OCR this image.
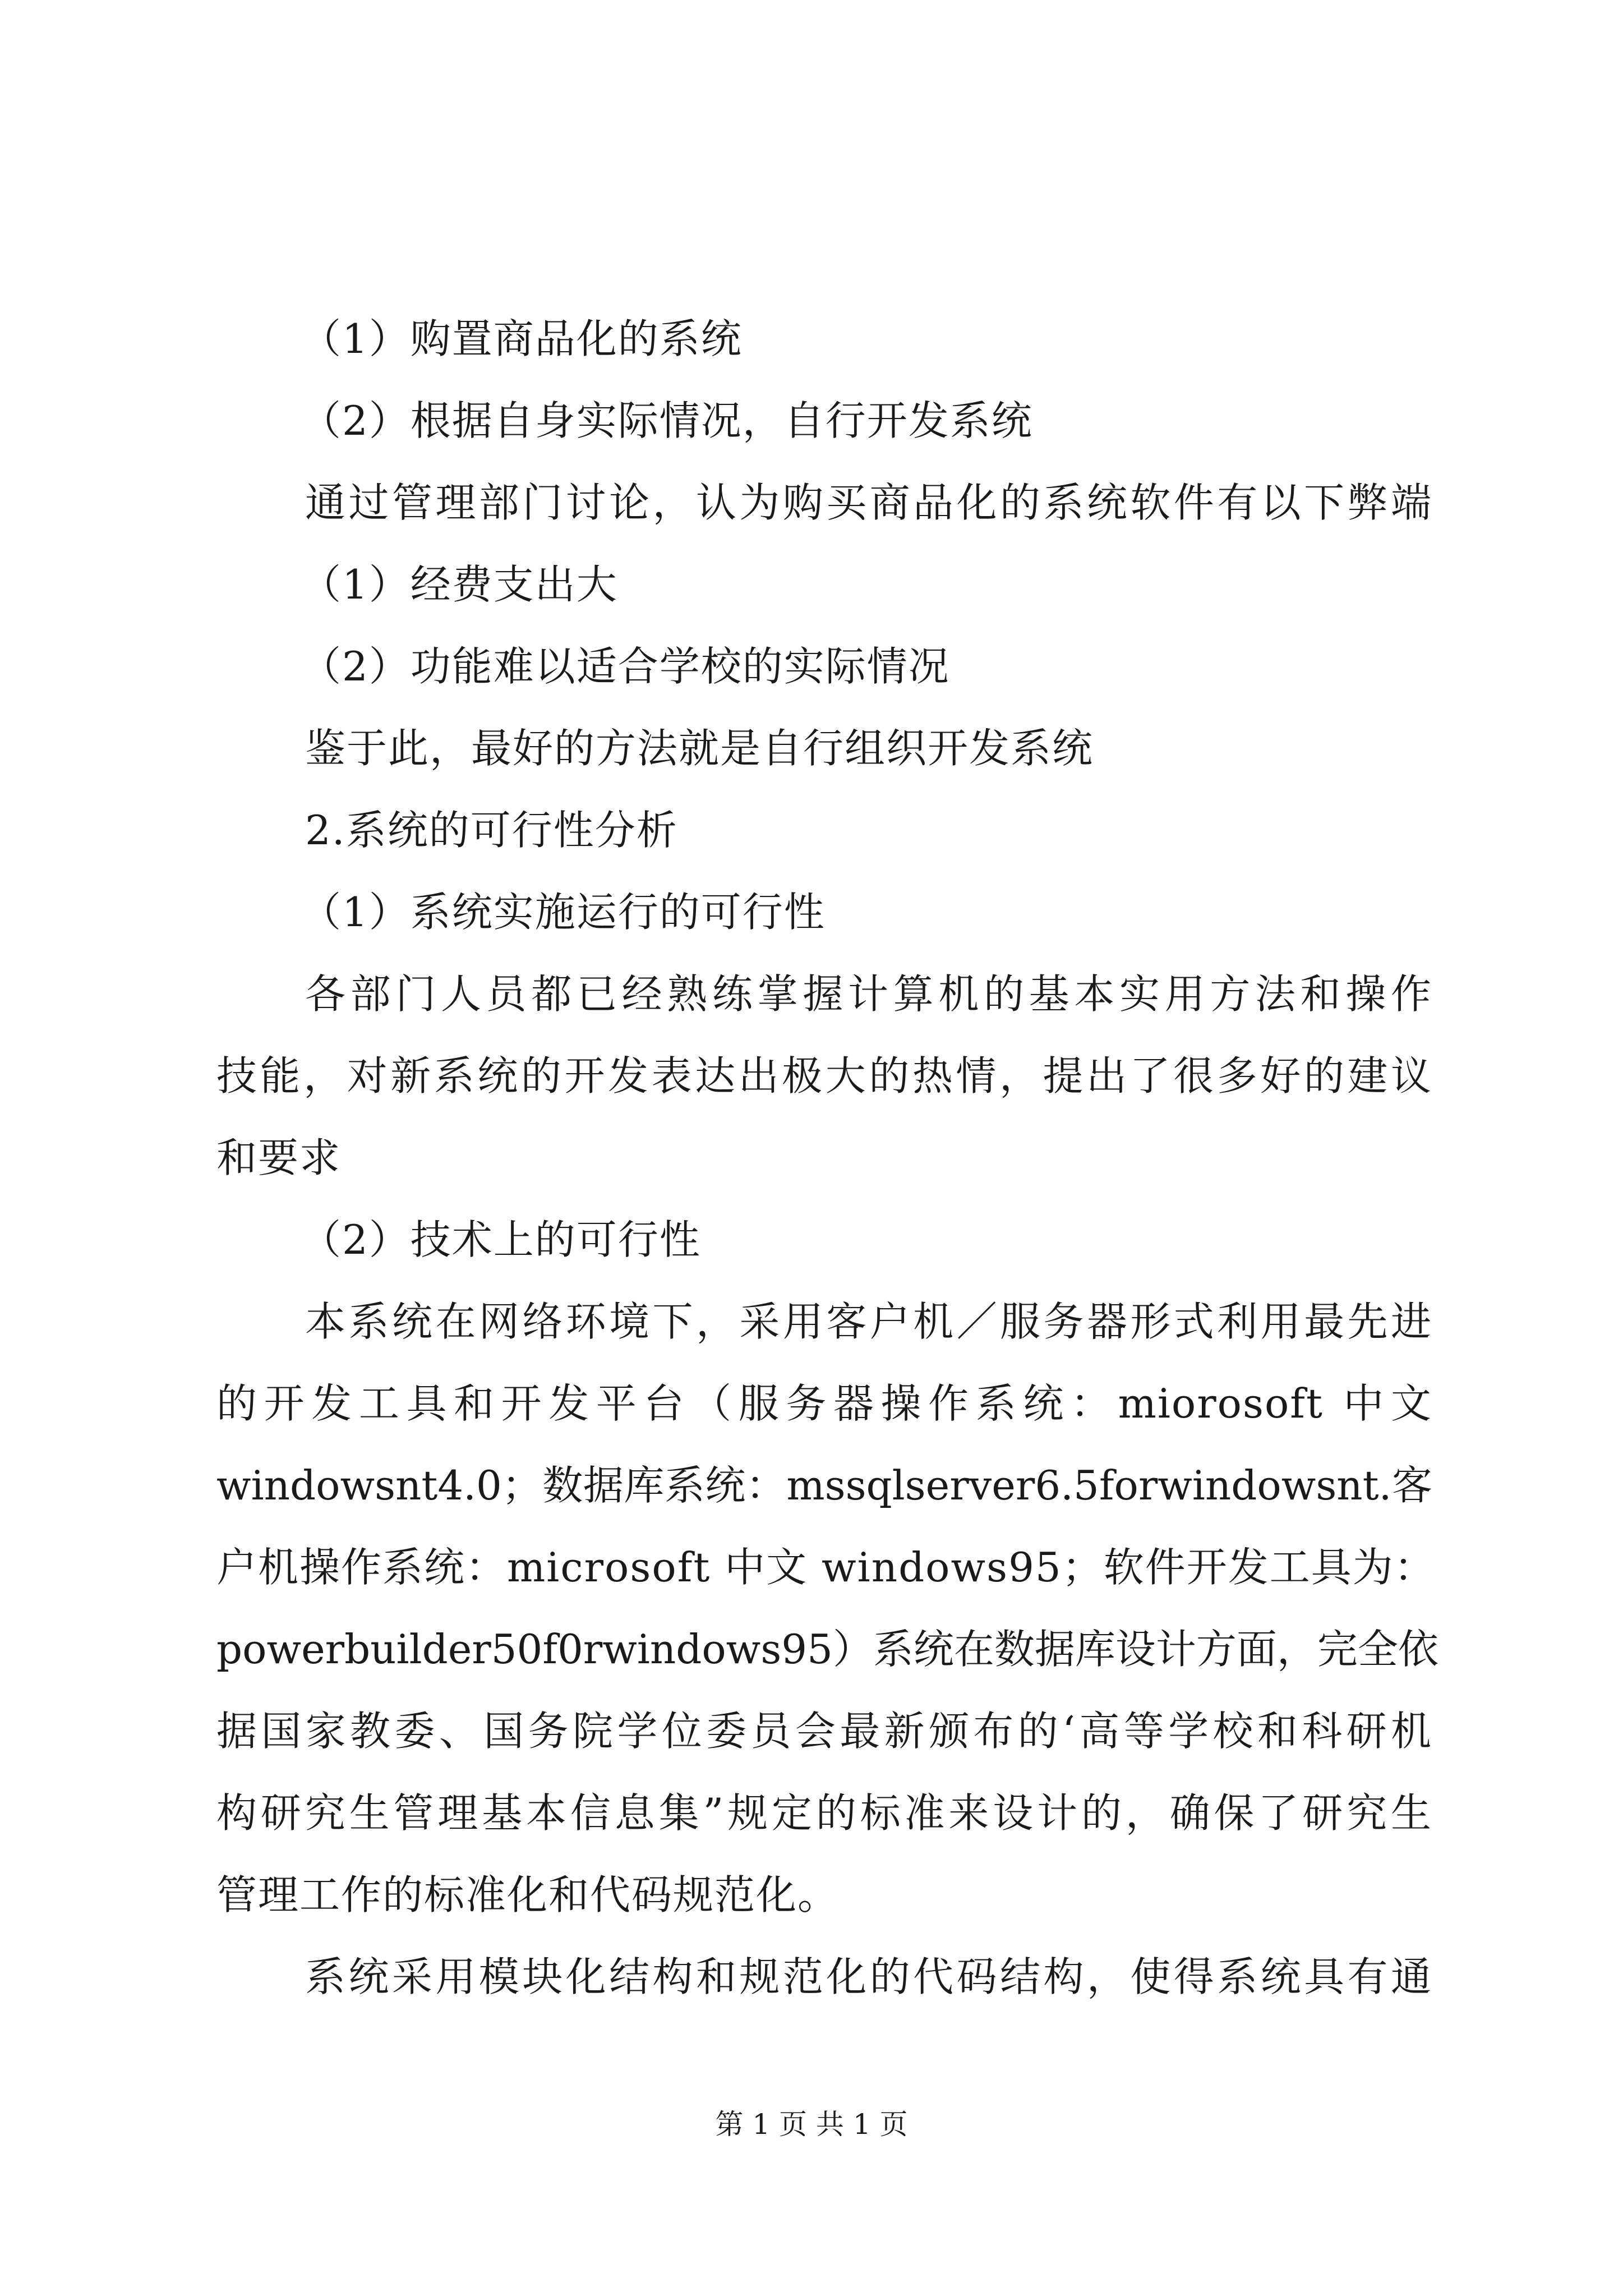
（1）购置商品化的系统
（2）根据自身实际情况，自行开发系统
通过管理部门讨论，认为购买商品化的系统软件有以下弊端
（1）经费支出大
（2）功能难以适合学校的实际情况
鉴于此，最好的方法就是自行组织开发系统
2.系统的可行性分析
（1）系统实施运行的可行性
各部门人员都已经熟练掌握计算机的基本实用方法和操作
技能，对新系统的开发表达出极大的热情，提出了很多好的建议
和要求
（2）技术上的可行性
本系统在网络环境下，采用客户机／服务器形式利用最先进
的开发工具和开发平台（服务器操作系统：miorosoft 中文
windowsnt4.0；数据库系统：mssqlserver6.5forwindowsnt.客
户机操作系统：microsoft 中文 windows95；软件开发工具为：
powerbuilder50f0rwindows95）系统在数据库设计方面，完全依
据国家教委、国务院学位委员会最新颁布的‘高等学校和科研机
构研究生管理基本信息集”规定的标准来设计的，确保了研究生
管理工作的标准化和代码规范化。
系统采用模块化结构和规范化的代码结构，使得系统具有通
第 1 页 共 1 页
